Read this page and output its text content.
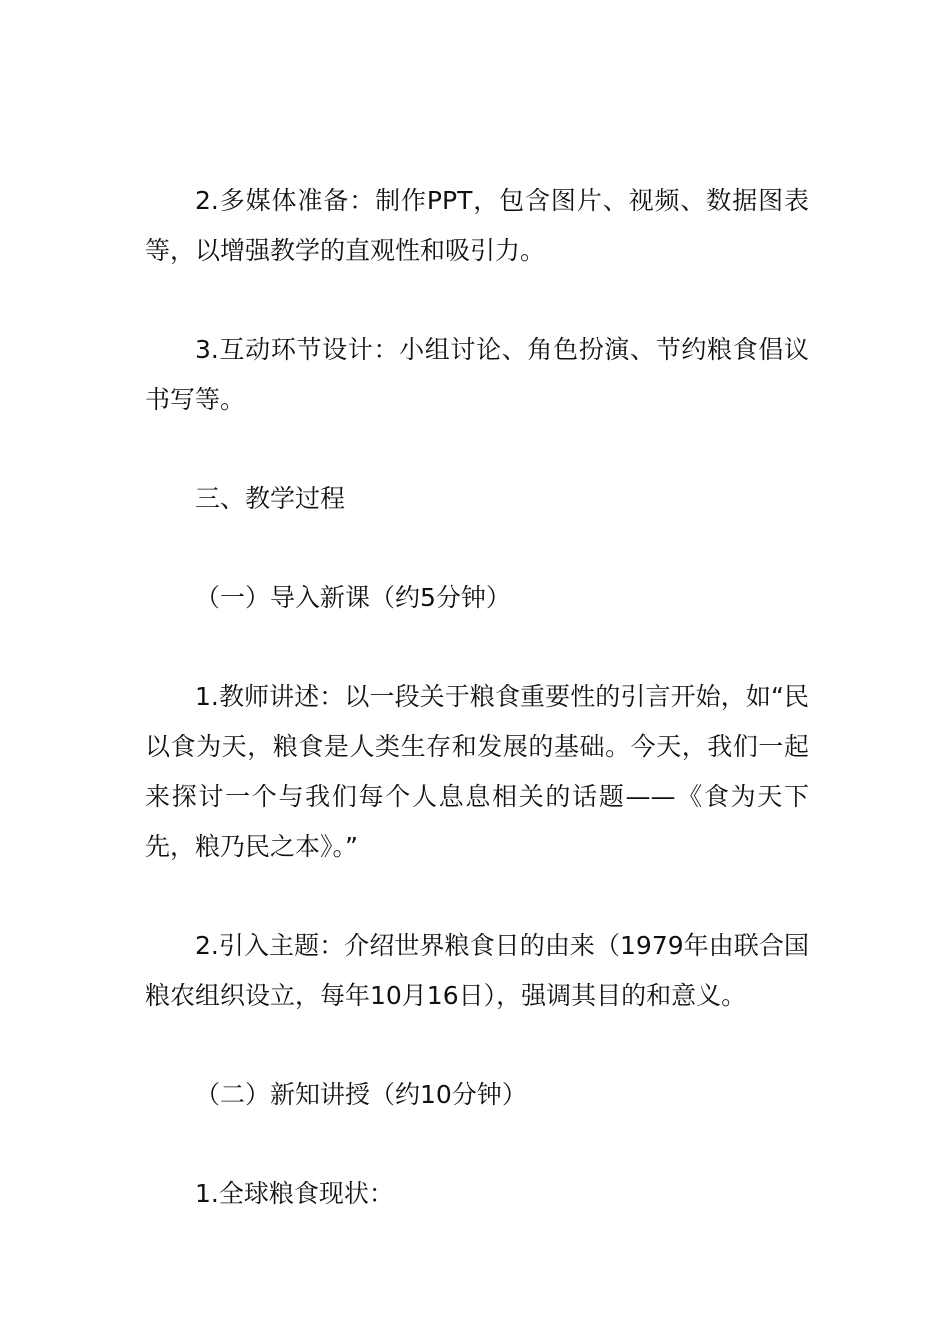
2.多媒体准备：制作PPT，包含图片、视频、数据图表等，以增强教学的直观性和吸引力。

3.互动环节设计：小组讨论、角色扮演、节约粮食倡议书写等。

三、教学过程

（一）导入新课（约5分钟）

1.教师讲述：以一段关于粮食重要性的引言开始，如“民以食为天，粮食是人类生存和发展的基础。今天，我们一起来探讨一个与我们每个人息息相关的话题——《食为天下先，粮乃民之本》。”

2.引入主题：介绍世界粮食日的由来（1979年由联合国粮农组织设立，每年10月16日），强调其目的和意义。

（二）新知讲授（约10分钟）

1.全球粮食现状：
